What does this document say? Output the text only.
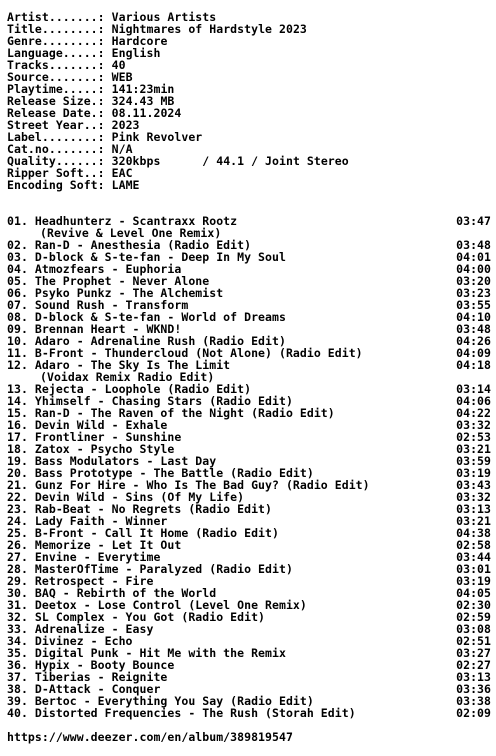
Artist.......: Various Artists
Title........: Nightmares of Hardstyle 2023
Genre........: Hardcore
Language.....: English
Tracks.......: 40
Source.......: WEB
Playtime.....: 141:23min
Release Size.: 324.43 MB
Release Date.: 08.11.2024
Street Year..: 2023
Label........: Pink Revolver
Cat.no.......: N/A
Quality......: 320kbps      / 44.1 / Joint Stereo
Ripper Soft..: EAC
Encoding Soft: LAME
01. Headhunterz - Scantraxx Rootz	03:47
(Revive & Level One Remix)
02. Ran-D - Anesthesia (Radio Edit)	03:48
03. D-block & S-te-fan - Deep In My Soul	04:01
04. Atmozfears - Euphoria	04:00
05. The Prophet - Never Alone	03:20
06. Psyko Punkz - The Alchemist	03:23
07. Sound Rush - Transform	03:55
08. D-block & S-te-fan - World of Dreams	04:10
09. Brennan Heart - WKND!	03:48
10. Adaro - Adrenaline Rush (Radio Edit)	04:26
11. B-Front - Thundercloud (Not Alone) (Radio Edit)	04:09
12. Adaro - The Sky Is The Limit	04:18
(Voidax Remix Radio Edit)
13. Rejecta - Loophole (Radio Edit)	03:14
14. Yhimself - Chasing Stars (Radio Edit)	04:06
15. Ran-D - The Raven of the Night (Radio Edit)	04:22
16. Devin Wild - Exhale	03:32
17. Frontliner - Sunshine	02:53
18. Zatox - Psycho Style	03:21
19. Bass Modulators - Last Day	03:59
20. Bass Prototype - The Battle (Radio Edit)	03:19
21. Gunz For Hire - Who Is The Bad Guy? (Radio Edit)	03:43
22. Devin Wild - Sins (Of My Life)	03:32
23. Rab-Beat - No Regrets (Radio Edit)	03:13
24. Lady Faith - Winner	03:21
25. B-Front - Call It Home (Radio Edit)	04:38
26. Memorize - Let It Out	02:58
27. Envine - Everytime	03:44
28. MasterOfTime - Paralyzed (Radio Edit)	03:01
29. Retrospect - Fire	03:19
30. BAQ - Rebirth of the World	04:05
31. Deetox - Lose Control (Level One Remix)	02:30
32. SL Complex - You Got (Radio Edit)	02:59
33. Adrenalize - Easy	03:08
34. Divinez - Echo	02:51
35. Digital Punk - Hit Me with the Remix	03:27
36. Hypix - Booty Bounce	02:27
37. Tiberias - Reignite	03:13
38. D-Attack - Conquer	03:36
39. Bertoc - Everything You Say (Radio Edit)	03:38
40. Distorted Frequencies - The Rush (Storah Edit)	02:09
https://www.deezer.com/en/album/389819547
